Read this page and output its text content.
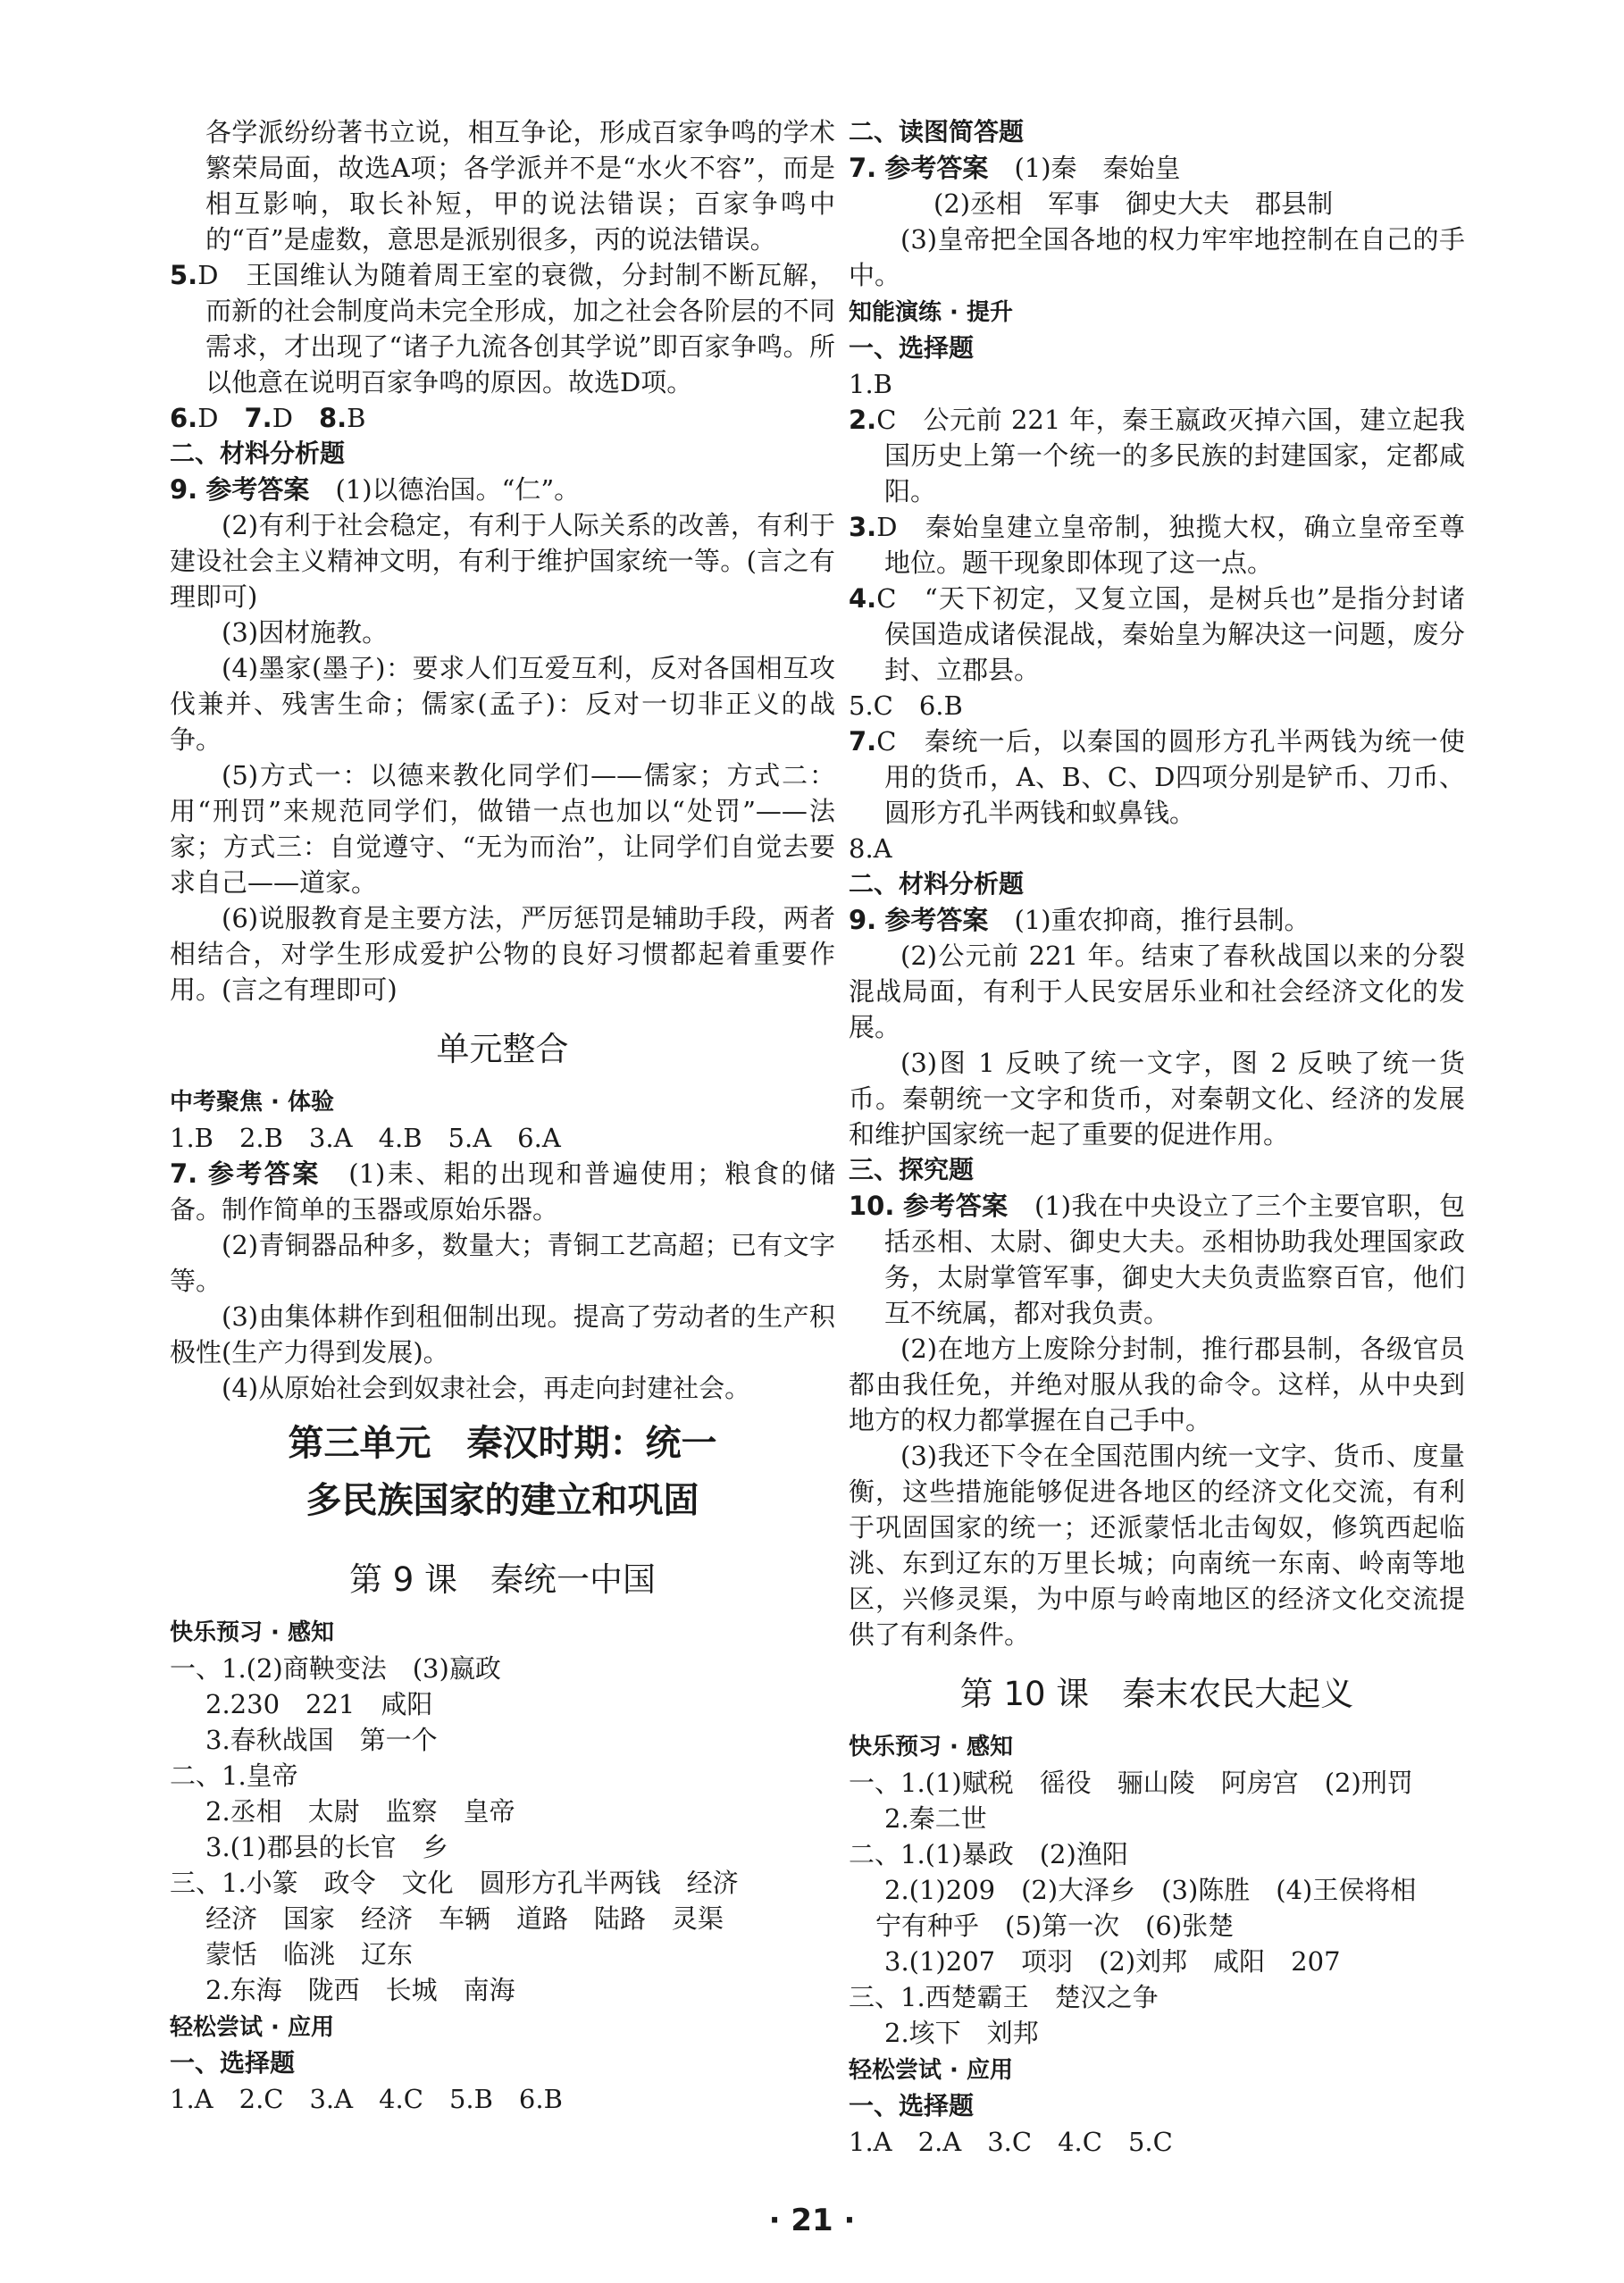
各学派纷纷著书立说，相互争论，形成百家争鸣的学术繁荣局面，故选A项；各学派并不是“水火不容”，而是相互影响，取长补短，甲的说法错误；百家争鸣中的“百”是虚数，意思是派别很多，丙的说法错误。

5.D　王国维认为随着周王室的衰微，分封制不断瓦解，而新的社会制度尚未完全形成，加之社会各阶层的不同需求，才出现了“诸子九流各创其学说”即百家争鸣。所以他意在说明百家争鸣的原因。故选D项。

6.D　 7.D　 8.B

二、材料分析题

9. 参考答案　 (1)以德治国。“仁”。

(2)有利于社会稳定，有利于人际关系的改善，有利于建设社会主义精神文明，有利于维护国家统一等。(言之有理即可)

(3)因材施教。

(4)墨家(墨子)：要求人们互爱互利，反对各国相互攻伐兼并、残害生命；儒家(孟子)：反对一切非正义的战争。

(5)方式一：以德来教化同学们——儒家；方式二：用“刑罚”来规范同学们，做错一点也加以“处罚”——法家；方式三：自觉遵守、“无为而治”，让同学们自觉去要求自己——道家。

(6)说服教育是主要方法，严厉惩罚是辅助手段，两者相结合，对学生形成爱护公物的良好习惯都起着重要作用。(言之有理即可)

单元整合

中考聚焦 · 体验

1.B　2.B　3.A　4.B　5.A　6.A

7. 参考答案　 (1)耒、耜的出现和普遍使用；粮食的储备。制作简单的玉器或原始乐器。

(2)青铜器品种多，数量大；青铜工艺高超；已有文字等。

(3)由集体耕作到租佃制出现。提高了劳动者的生产积极性(生产力得到发展)。

(4)从原始社会到奴隶社会，再走向封建社会。

第三单元　秦汉时期：统一

多民族国家的建立和巩固

第 9 课　秦统一中国

快乐预习 · 感知

一、1.(2)商鞅变法　(3)嬴政

2.230　221　咸阳

3.春秋战国　第一个

二、1.皇帝

2.丞相　太尉　监察　皇帝

3.(1)郡县的长官　乡

三、1.小篆　政令　文化　圆形方孔半两钱　经济

经济　国家　经济　车辆　道路　陆路　灵渠

蒙恬　临洮　辽东

2.东海　陇西　长城　南海

轻松尝试 · 应用

一、选择题

1.A　2.C　3.A　4.C　5.B　6.B

二、读图简答题

7. 参考答案　 (1)秦　秦始皇

(2)丞相　军事　御史大夫　郡县制

(3)皇帝把全国各地的权力牢牢地控制在自己的手中。

知能演练 · 提升

一、选择题

1.B

2.C　公元前 221 年，秦王嬴政灭掉六国，建立起我国历史上第一个统一的多民族的封建国家，定都咸阳。

3.D　秦始皇建立皇帝制，独揽大权，确立皇帝至尊地位。题干现象即体现了这一点。

4.C　“天下初定，又复立国，是树兵也”是指分封诸侯国造成诸侯混战，秦始皇为解决这一问题，废分封、立郡县。

5.C　6.B

7.C　秦统一后，以秦国的圆形方孔半两钱为统一使用的货币，A、B、C、D四项分别是铲币、刀币、圆形方孔半两钱和蚁鼻钱。

8.A

二、材料分析题

9. 参考答案　 (1)重农抑商，推行县制。

(2)公元前 221 年。结束了春秋战国以来的分裂混战局面，有利于人民安居乐业和社会经济文化的发展。

(3)图 1 反映了统一文字，图 2 反映了统一货币。秦朝统一文字和货币，对秦朝文化、经济的发展和维护国家统一起了重要的促进作用。

三、探究题

10. 参考答案　 (1)我在中央设立了三个主要官职，包括丞相、太尉、御史大夫。丞相协助我处理国家政务，太尉掌管军事，御史大夫负责监察百官，他们互不统属，都对我负责。

(2)在地方上废除分封制，推行郡县制，各级官员都由我任免，并绝对服从我的命令。这样，从中央到地方的权力都掌握在自己手中。

(3)我还下令在全国范围内统一文字、货币、度量衡，这些措施能够促进各地区的经济文化交流，有利于巩固国家的统一；还派蒙恬北击匈奴，修筑西起临洮、东到辽东的万里长城；向南统一东南、岭南等地区，兴修灵渠，为中原与岭南地区的经济文化交流提供了有利条件。

第 10 课　秦末农民大起义

快乐预习 · 感知

一、1.(1)赋税　徭役　骊山陵　阿房宫　(2)刑罚

2.秦二世

二、1.(1)暴政　(2)渔阳

2.(1)209　(2)大泽乡　(3)陈胜　(4)王侯将相

宁有种乎　(5)第一次　(6)张楚

3.(1)207　项羽　(2)刘邦　咸阳　207

三、1.西楚霸王　楚汉之争

2.垓下　刘邦

轻松尝试 · 应用

一、选择题

1.A　2.A　3.C　4.C　5.C

· 21 ·
